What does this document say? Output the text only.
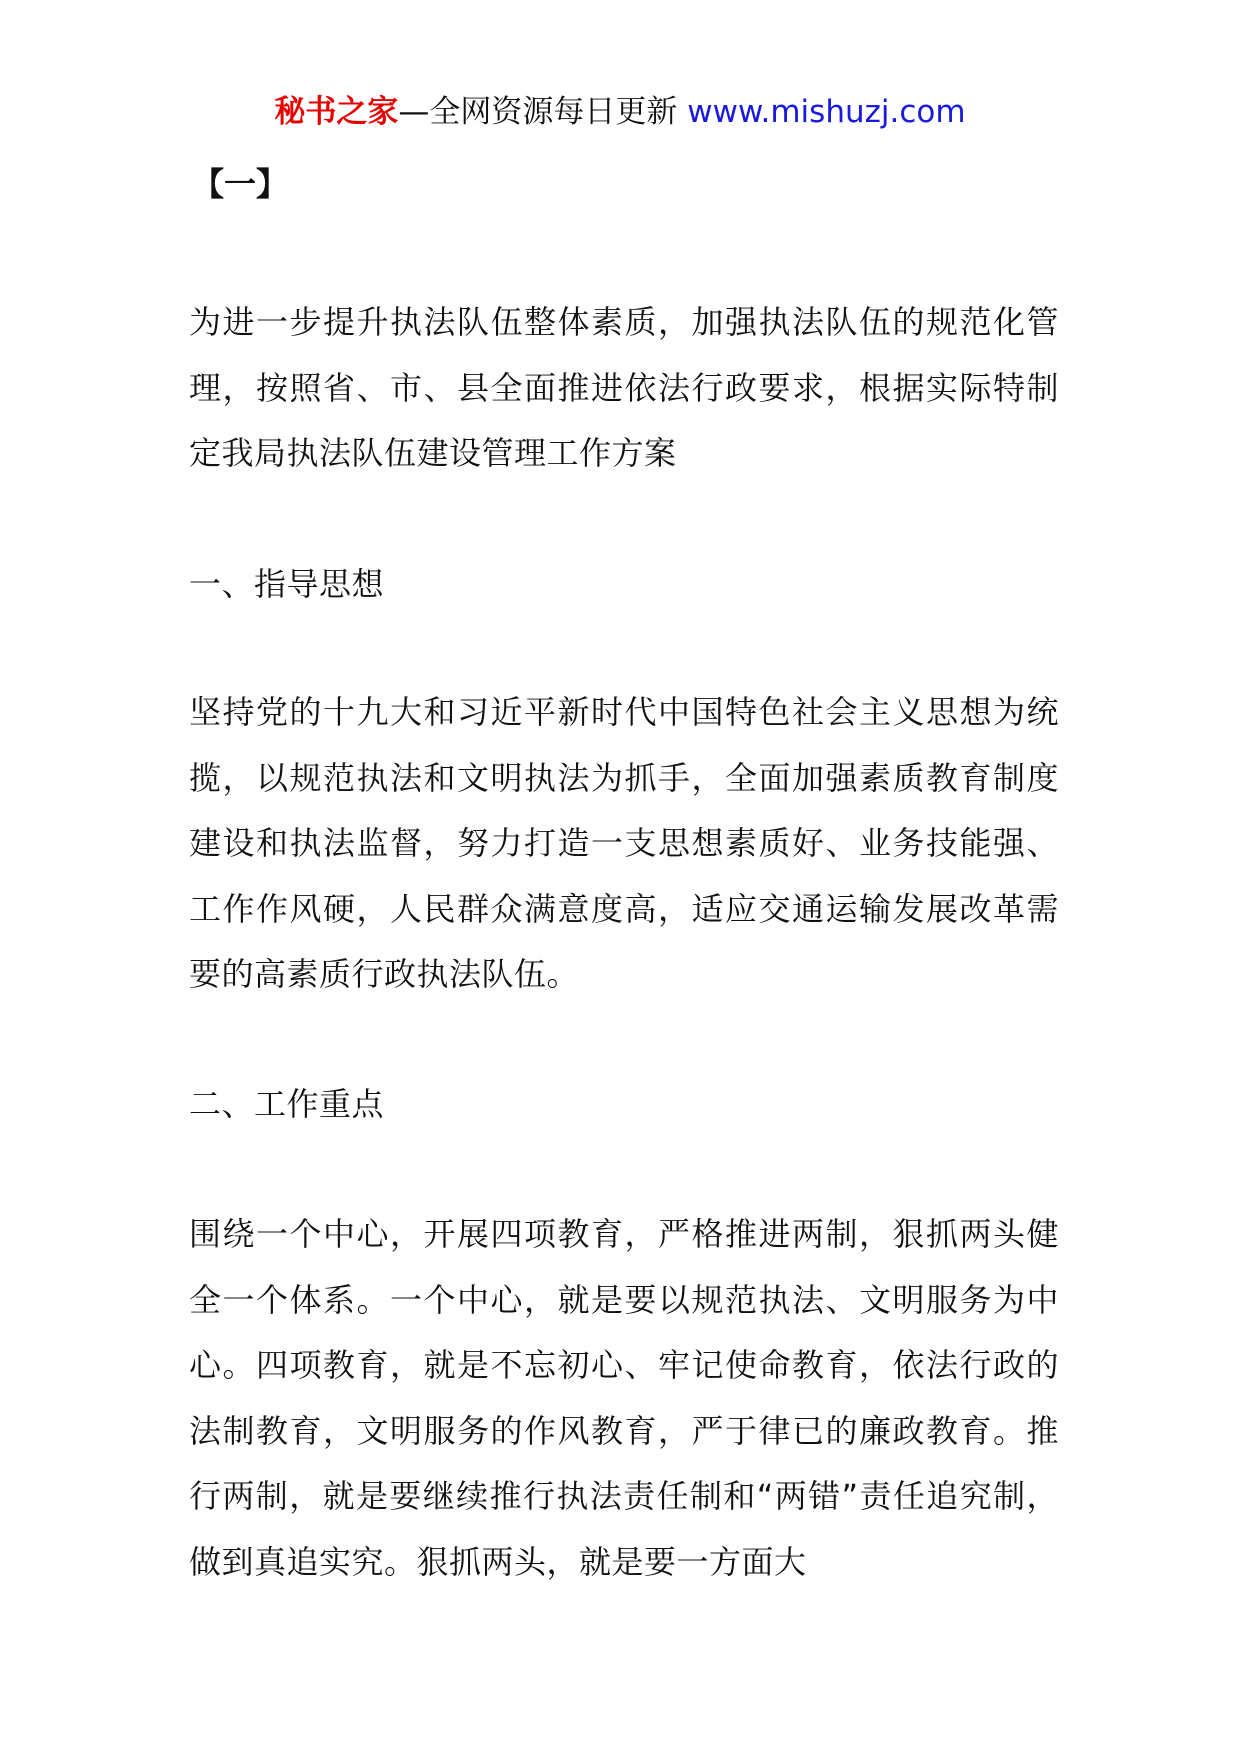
秘书之家—全网资源每日更新 www.mishuzj.com
【一】

为进一步提升执法队伍整体素质，加强执法队伍的规范化管理，按照省、市、县全面推进依法行政要求，根据实际特制定我局执法队伍建设管理工作方案

一、指导思想

坚持党的十九大和习近平新时代中国特色社会主义思想为统揽，以规范执法和文明执法为抓手，全面加强素质教育制度建设和执法监督，努力打造一支思想素质好、业务技能强、工作作风硬，人民群众满意度高，适应交通运输发展改革需要的高素质行政执法队伍。

二、工作重点

围绕一个中心，开展四项教育，严格推进两制，狠抓两头健全一个体系。一个中心，就是要以规范执法、文明服务为中心。四项教育，就是不忘初心、牢记使命教育，依法行政的法制教育，文明服务的作风教育，严于律已的廉政教育。推行两制，就是要继续推行执法责任制和“两错”责任追究制，做到真追实究。狠抓两头，就是要一方面大
